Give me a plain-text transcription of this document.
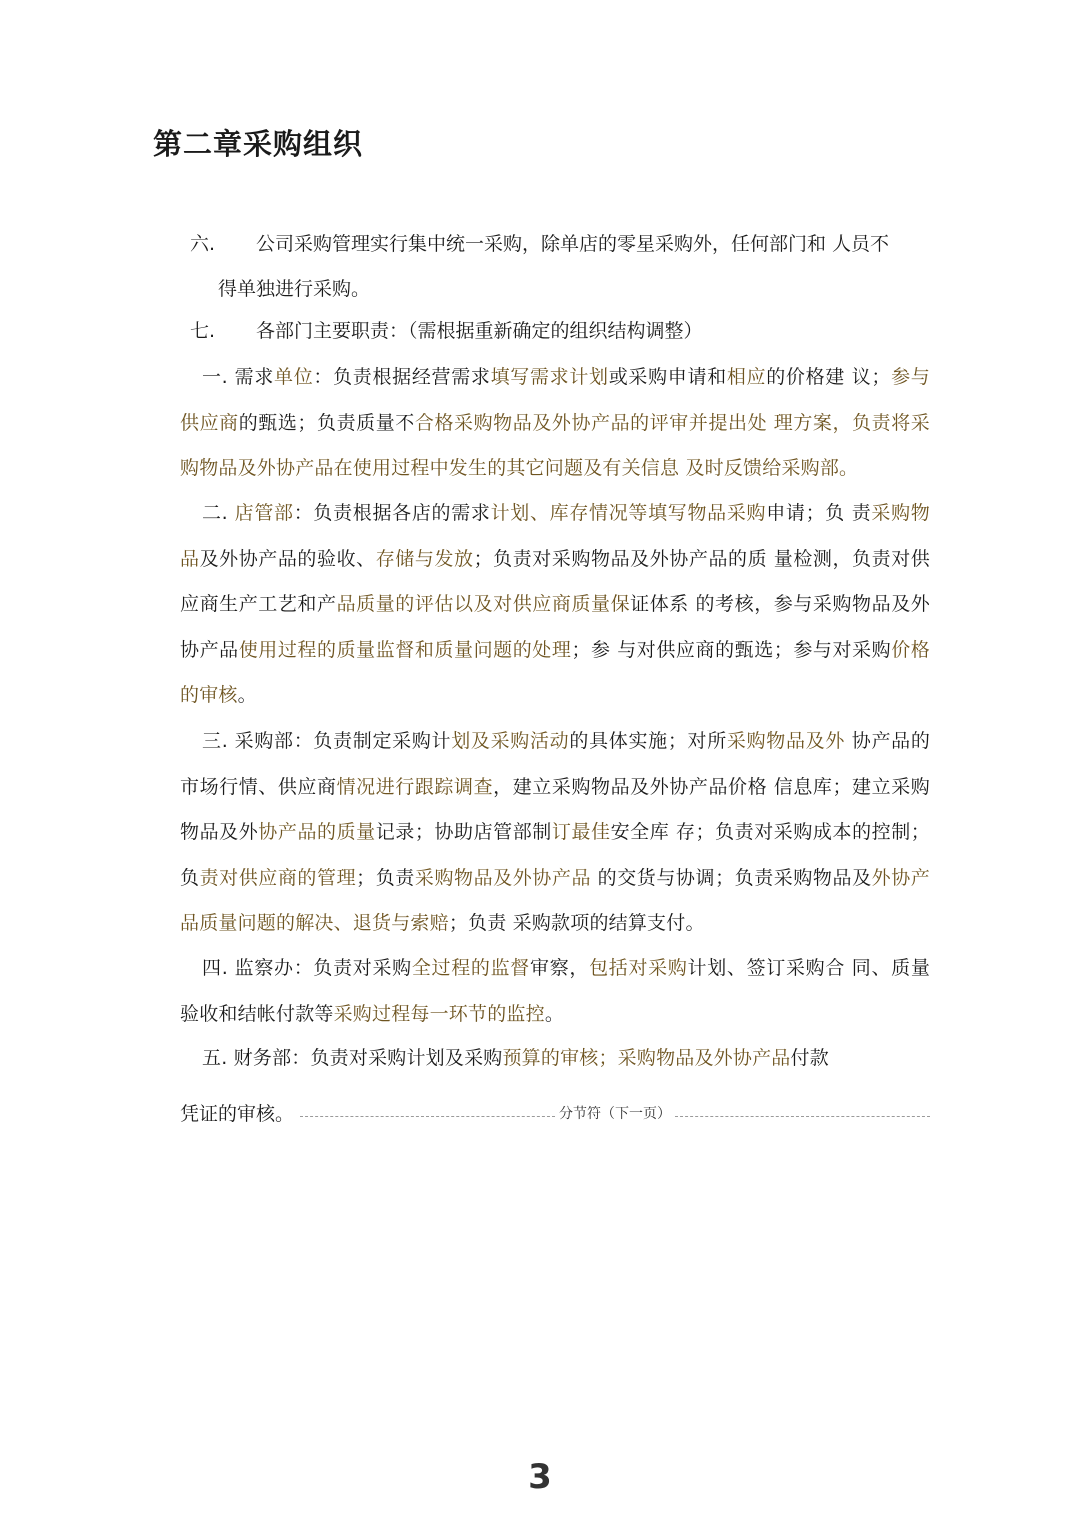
第二章采购组织
六. 公司采购管理实行集中统一采购，除单店的零星采购外，任何部门和 人员不
得单独进行采购。
七. 各部门主要职责：（需根据重新确定的组织结构调整）

一. 需求单位：负责根据经营需求填写需求计划或采购申请和相应的价格建 议；参与供应商的甄选；负责质量不合格采购物品及外协产品的评审并提出处 理方案，负责将采购物品及外协产品在使用过程中发生的其它问题及有关信息 及时反馈给采购部。

二. 店管部：负责根据各店的需求计划、库存情况等填写物品采购申请；负 责采购物品及外协产品的验收、存储与发放；负责对采购物品及外协产品的质 量检测，负责对供应商生产工艺和产品质量的评估以及对供应商质量保证体系 的考核，参与采购物品及外协产品使用过程的质量监督和质量问题的处理；参 与对供应商的甄选；参与对采购价格的审核。

三. 采购部：负责制定采购计划及采购活动的具体实施；对所采购物品及外 协产品的市场行情、供应商情况进行跟踪调查，建立采购物品及外协产品价格 信息库；建立采购物品及外协产品的质量记录；协助店管部制订最佳安全库 存；负责对采购成本的控制；负责对供应商的管理；负责采购物品及外协产品 的交货与协调；负责采购物品及外协产品质量问题的解决、退货与索赔；负责 采购款项的结算支付。

四. 监察办：负责对采购全过程的监督审察，包括对采购计划、签订采购合 同、质量验收和结帐付款等采购过程每一环节的监控。

五. 财务部：负责对采购计划及采购预算的审核；采购物品及外协产品付款

凭证的审核。	分节符（下一页）
3
